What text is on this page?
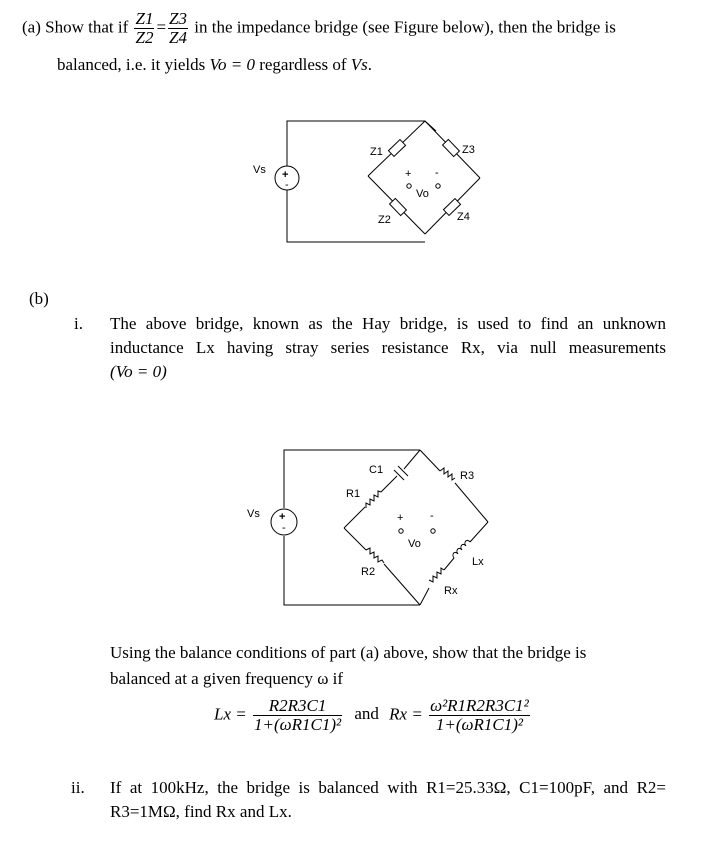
(a) Show that if $\frac{Z1}{Z2} = \frac{Z3}{Z4}$ in the impedance bridge (see Figure below), then the bridge is
balanced, i.e. it yields Vo = 0 regardless of Vs.
Vs +
-
Z1
Z2
Z3
Z4
+ -
Vo
(b)
i. The above bridge, known as the Hay bridge, is used to find an unknown
inductance Lx having stray series resistance Rx, via null measurements
(Vo = 0)
Vs +
-
C1
R1
R2
R3
Lx
Rx
+ -
Vo
Using the balance conditions of part (a) above, show that the bridge is
balanced at a given frequency ω if
$Lx = \frac{R2R3C1}{\text{1+(ωR1C1)²}}$ and $Rx = \frac{\text{ω²R1R2R3C1²}}{\text{1+(ωR1C1)²}}$
ii. If at 100kHz, the bridge is balanced with R1=25.33Ω, C1=100pF, and R2=
R3=1MΩ, find Rx and Lx.
